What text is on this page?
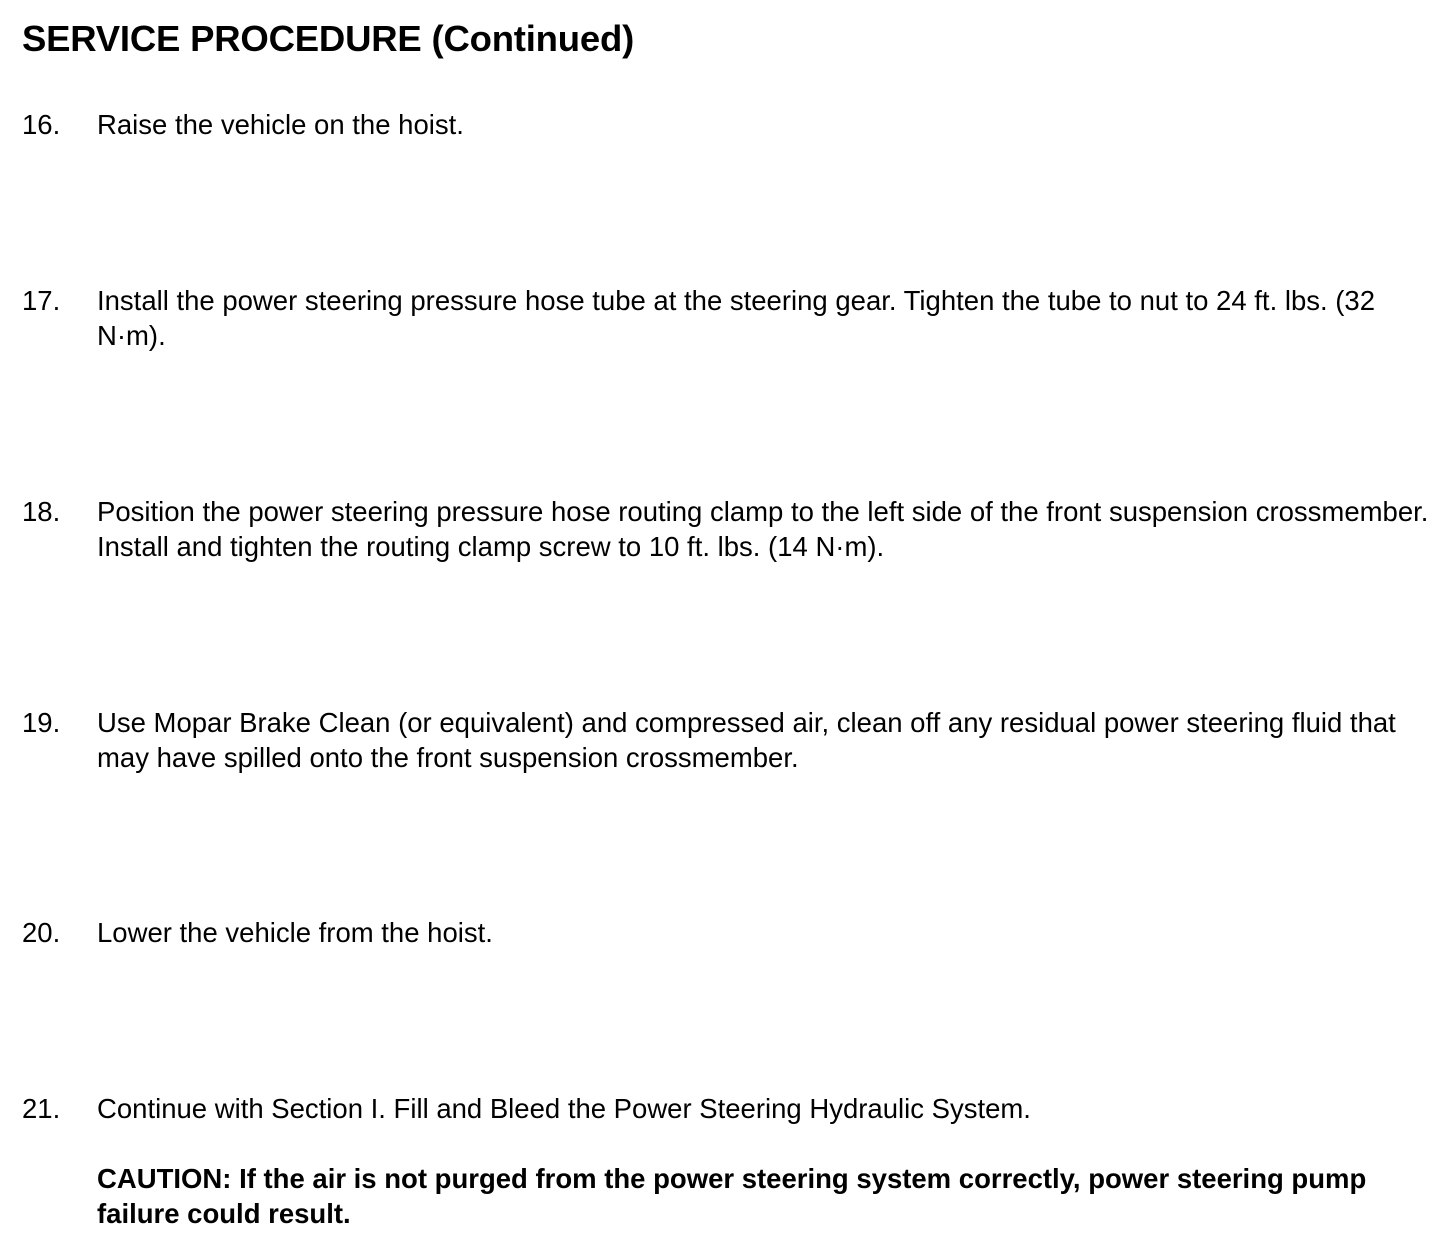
SERVICE PROCEDURE (Continued)
16. Raise the vehicle on the hoist.
17. Install the power steering pressure hose tube at the steering gear. Tighten the tube to nut to 24 ft. lbs. (32 N·m).
18. Position the power steering pressure hose routing clamp to the left side of the front suspension crossmember. Install and tighten the routing clamp screw to 10 ft. lbs. (14 N·m).
19. Use Mopar Brake Clean (or equivalent) and compressed air, clean off any residual power steering fluid that may have spilled onto the front suspension crossmember.
20. Lower the vehicle from the hoist.
21. Continue with Section I. Fill and Bleed the Power Steering Hydraulic System.
CAUTION: If the air is not purged from the power steering system correctly, power steering pump failure could result.
